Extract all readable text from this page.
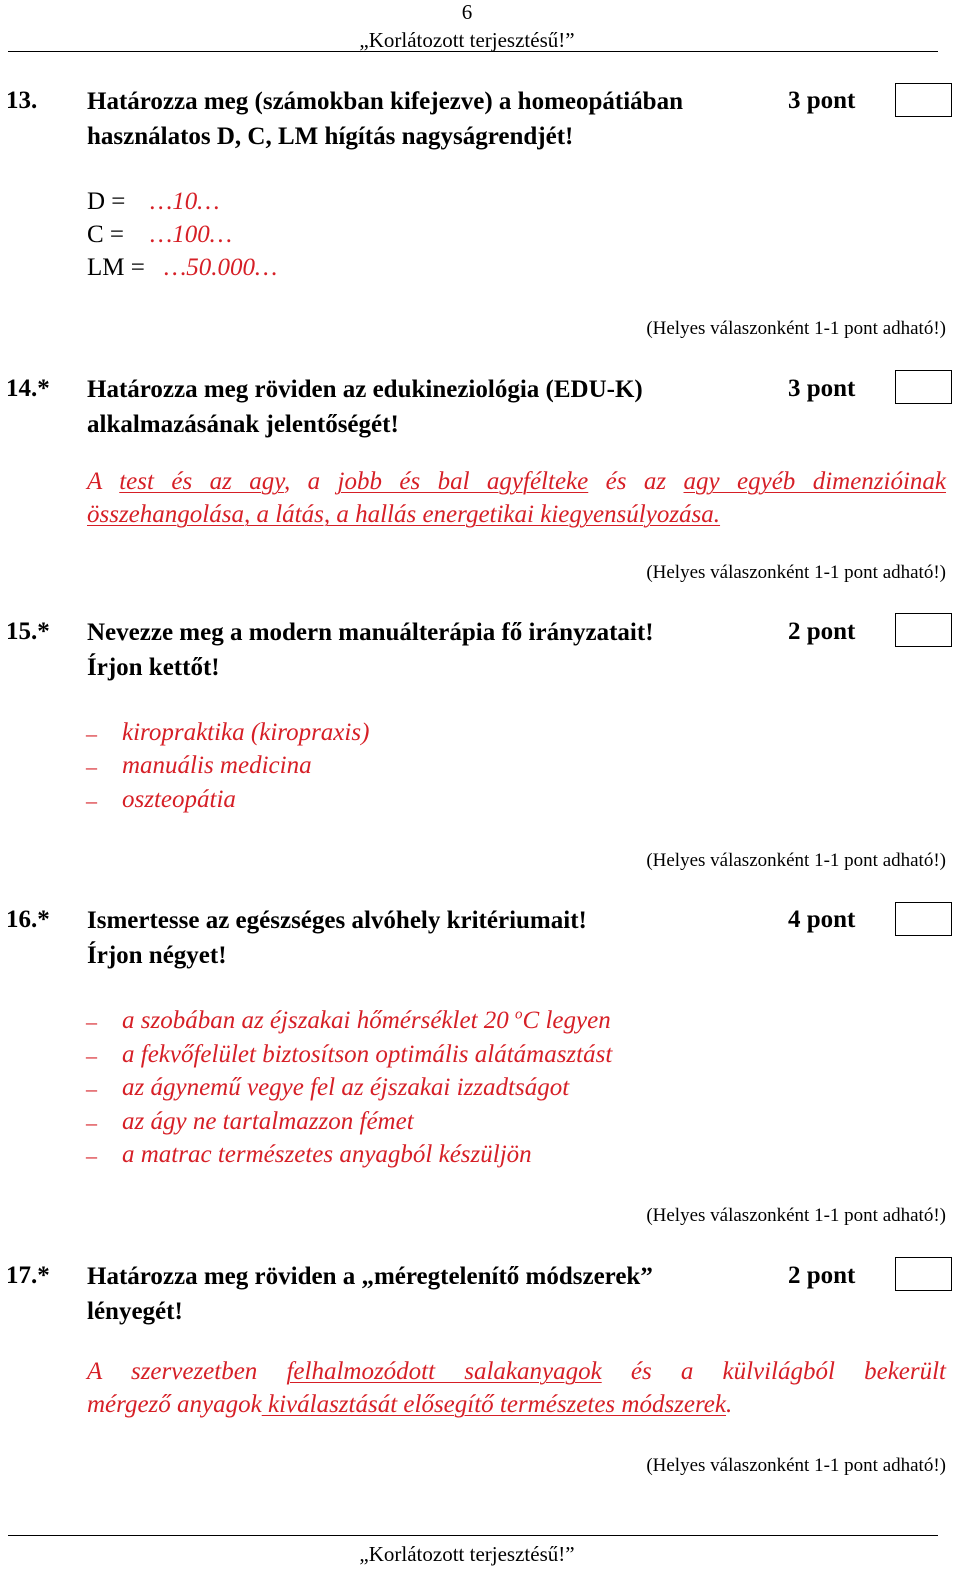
6
„Korlátozott terjesztésű!”
13. Határozza meg (számokban kifejezve) a homeopátiában
használatos D, C, LM hígítás nagyságrendjét!
3 pont
D = …10…
C = …100…
LM = …50.000…
(Helyes válaszonként 1-1 pont adható!)
14.* Határozza meg röviden az edukineziológia (EDU-K)
alkalmazásának jelentőségét!
3 pont
A test és az agy, a jobb és bal agyfélteke és az agy egyéb dimenzióinak
összehangolása, a látás, a hallás energetikai kiegyensúlyozása.
(Helyes válaszonként 1-1 pont adható!)
15.* Nevezze meg a modern manuálterápia fő irányzatait!
Írjon kettőt!
2 pont
– kiropraktika (kiropraxis)
– manuális medicina
– oszteopátia
(Helyes válaszonként 1-1 pont adható!)
16.* Ismertesse az egészséges alvóhely kritériumait!
Írjon négyet!
4 pont
– a szobában az éjszakai hőmérséklet 20 $^o$C legyen
– a fekvőfelület biztosítson optimális alátámasztást
– az ágynemű vegye fel az éjszakai izzadtságot
– az ágy ne tartalmazzon fémet
– a matrac természetes anyagból készüljön
(Helyes válaszonként 1-1 pont adható!)
17.* Határozza meg röviden a „méregtelenítő módszerek”
lényegét!
2 pont
A szervezetben felhalmozódott salakanyagok és a külvilágból bekerült
mérgező anyagok kiválasztását elősegítő természetes módszerek.
(Helyes válaszonként 1-1 pont adható!)
„Korlátozott terjesztésű!”
